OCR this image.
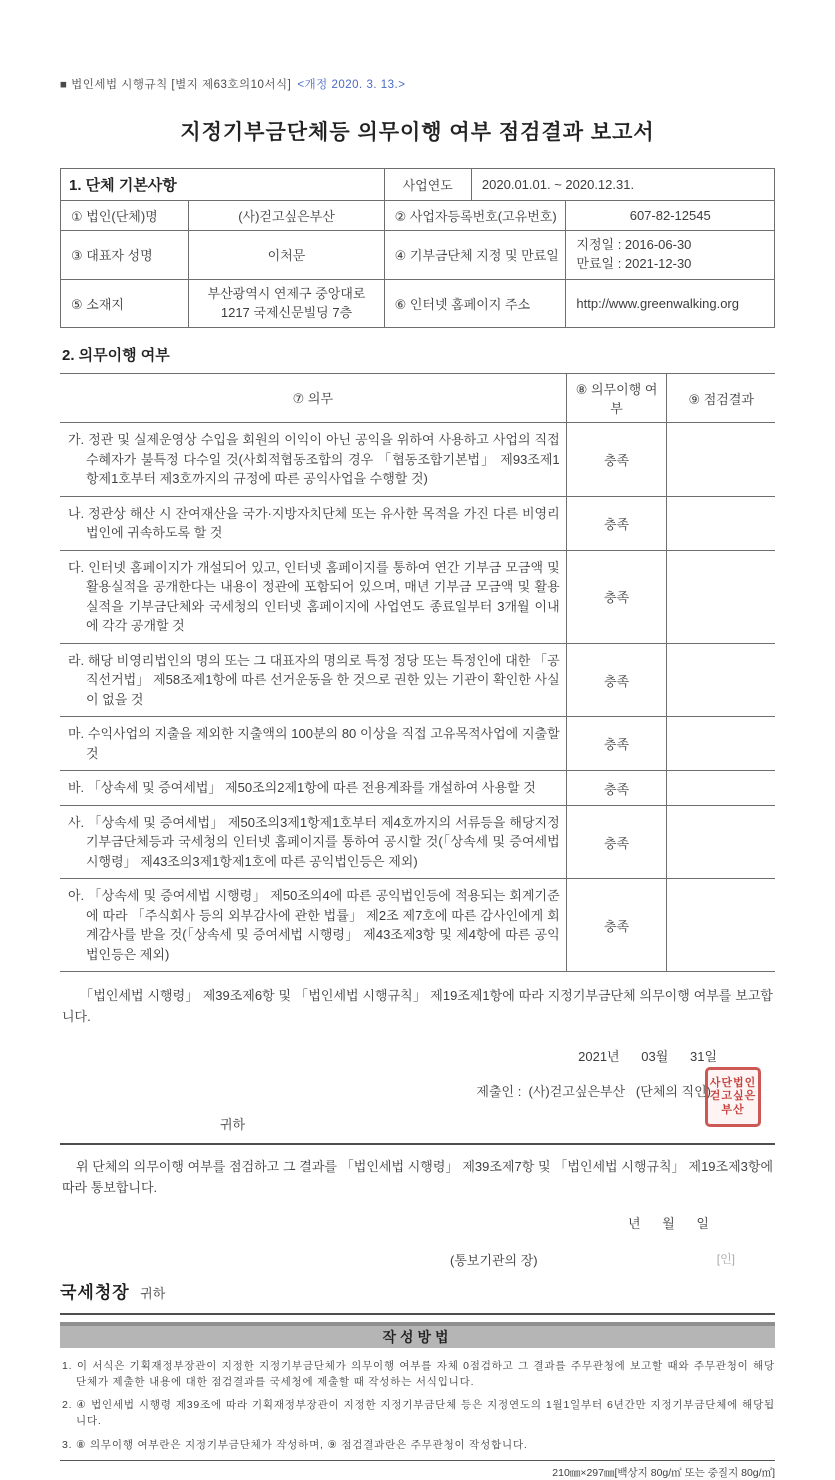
■ 법인세법 시행규칙 [별지 제63호의10서식] <개정 2020. 3. 13.>
지정기부금단체등 의무이행 여부 점검결과 보고서
1. 단체 기본사항		사업연도	2020.01.01. ~ 2020.12.31.	
① 법인(단체)명	(사)걷고싶은부산	② 사업자등록번호(고유번호)		607-82-12545
③ 대표자 성명	이처문	④ 기부금단체 지정 및 만료일		지정일 : 2016-06-30
만료일 : 2021-12-30

⑤ 소재지	부산광역시 연제구 중앙대로
1217 국제신문빌딩 7층	⑥ 인터넷 홈페이지 주소		http://www.greenwalking.org
2. 의무이행 여부
⑦ 의무	⑧ 의무이행 여부	⑨ 점검결과
가. 정관 및 실제운영상 수입을 회원의 이익이 아닌 공익을 위하여 사용하고 사업의 직접 수혜자가 불특정 다수일 것(사회적협동조합의 경우 「협동조합기본법」 제93조제1항제1호부터 제3호까지의 규정에 따른 공익사업을 수행할 것)	충족	
나. 정관상 해산 시 잔여재산을 국가·지방자치단체 또는 유사한 목적을 가진 다른 비영리법인에 귀속하도록 할 것	충족	
다. 인터넷 홈페이지가 개설되어 있고, 인터넷 홈페이지를 통하여 연간 기부금 모금액 및 활용실적을 공개한다는 내용이 정관에 포함되어 있으며, 매년 기부금 모금액 및 활용실적을 기부금단체와 국세청의 인터넷 홈페이지에 사업연도 종료일부터 3개월 이내에 각각 공개할 것	충족	
라. 해당 비영리법인의 명의 또는 그 대표자의 명의로 특정 정당 또는 특정인에 대한 「공직선거법」 제58조제1항에 따른 선거운동을 한 것으로 권한 있는 기관이 확인한 사실이 없을 것	충족	
마. 수익사업의 지출을 제외한 지출액의 100분의 80 이상을 직접 고유목적사업에 지출할 것	충족	
바. 「상속세 및 증여세법」 제50조의2제1항에 따른 전용계좌를 개설하여 사용할 것	충족	
사. 「상속세 및 증여세법」 제50조의3제1항제1호부터 제4호까지의 서류등을 해당지정기부금단체등과 국세청의 인터넷 홈페이지를 통하여 공시할 것(「상속세 및 증여세법 시행령」 제43조의3제1항제1호에 따른 공익법인등은 제외)	충족	
아. 「상속세 및 증여세법 시행령」 제50조의4에 따른 공익법인등에 적용되는 회계기준에 따라 「주식회사 등의 외부감사에 관한 법률」 제2조 제7호에 따른 감사인에게 회계감사를 받을 것(「상속세 및 증여세법 시행령」 제43조제3항 및 제4항에 따른 공익법인등은 제외)	충족	
「법인세법 시행령」 제39조제6항 및 「법인세법 시행규칙」 제19조제1항에 따라 지정기부금단체 의무이행 여부를 보고합니다.
2021년      03월      31일
제출인 :  (사)걷고싶은부산   (단체의 직인)
사단법인
걷고싶은
부산
귀하
위 단체의 의무이행 여부를 점검하고 그 결과를 「법인세법 시행령」 제39조제7항 및 「법인세법 시행규칙」 제19조제3항에 따라 통보합니다.
년      월      일
(통보기관의 장)	[인]
국세청장 귀하
작성방법
1. 이 서식은 기획재정부장관이 지정한 지정기부금단체가 의무이행 여부를 자체 0점검하고 그 결과를 주무관청에 보고할 때와 주무관청이 해당 단체가 제출한 내용에 대한 점검결과를 국세청에 제출할 때 작성하는 서식입니다.
2. ④ 법인세법 시행령 제39조에 따라 기획재정부장관이 지정한 지정기부금단체 등은 지정연도의 1월1일부터 6년간만 지정기부금단체에 해당됩니다.
3. ⑧ 의무이행 여부란은 지정기부금단체가 작성하며, ⑨ 점검결과란은 주무관청이 작성합니다.
210㎜×297㎜[백상지 80g/㎡ 또는 중질지 80g/㎡]
